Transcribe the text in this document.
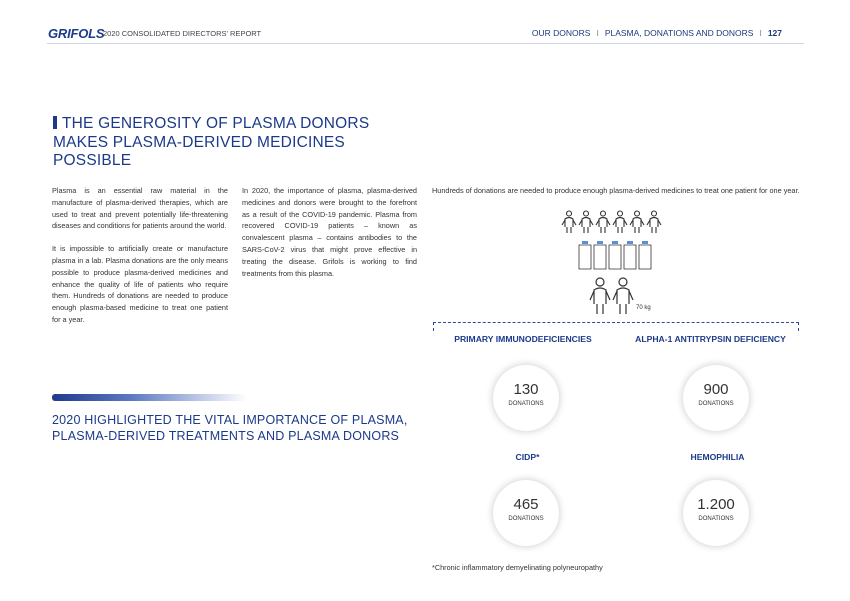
GRIFOLS
2020 CONSOLIDATED DIRECTORS' REPORT	OUR DONORS I PLASMA, DONATIONS AND DONORS I 127
THE GENEROSITY OF PLASMA DONORS MAKES PLASMA-DERIVED MEDICINES POSSIBLE

Plasma is an essential raw material in the manufacture of plasma-derived therapies, which are used to treat and prevent potentially life-threatening diseases and conditions for patients around the world.

It is impossible to artificially create or manufacture plasma in a lab. Plasma donations are the only means possible to produce plasma-derived medicines and enhance the quality of life of patients who require them. Hundreds of donations are needed to produce enough plasma-based medicine to treat one patient for a year.

In 2020, the importance of plasma, plasma-derived medicines and donors were brought to the forefront as a result of the COVID-19 pandemic. Plasma from recovered COVID-19 patients – known as convalescent plasma – contains antibodies to the SARS-CoV-2 virus that might prove effective in treating the disease. Grifols is working to find treatments from this plasma.

Hundreds of donations are needed to produce enough plasma-derived medicines to treat one patient for one year.

2020 HIGHLIGHTED THE VITAL IMPORTANCE OF PLASMA, PLASMA-DERIVED TREATMENTS AND PLASMA DONORS
70 kg
PRIMARY IMMUNODEFICIENCIES	ALPHA-1 ANTITRYPSIN DEFICIENCY
CIDP*	HEMOPHILIA
130
DONATIONS
900
DONATIONS
465
DONATIONS
1.200
DONATIONS
*Chronic inflammatory demyelinating polyneuropathy
